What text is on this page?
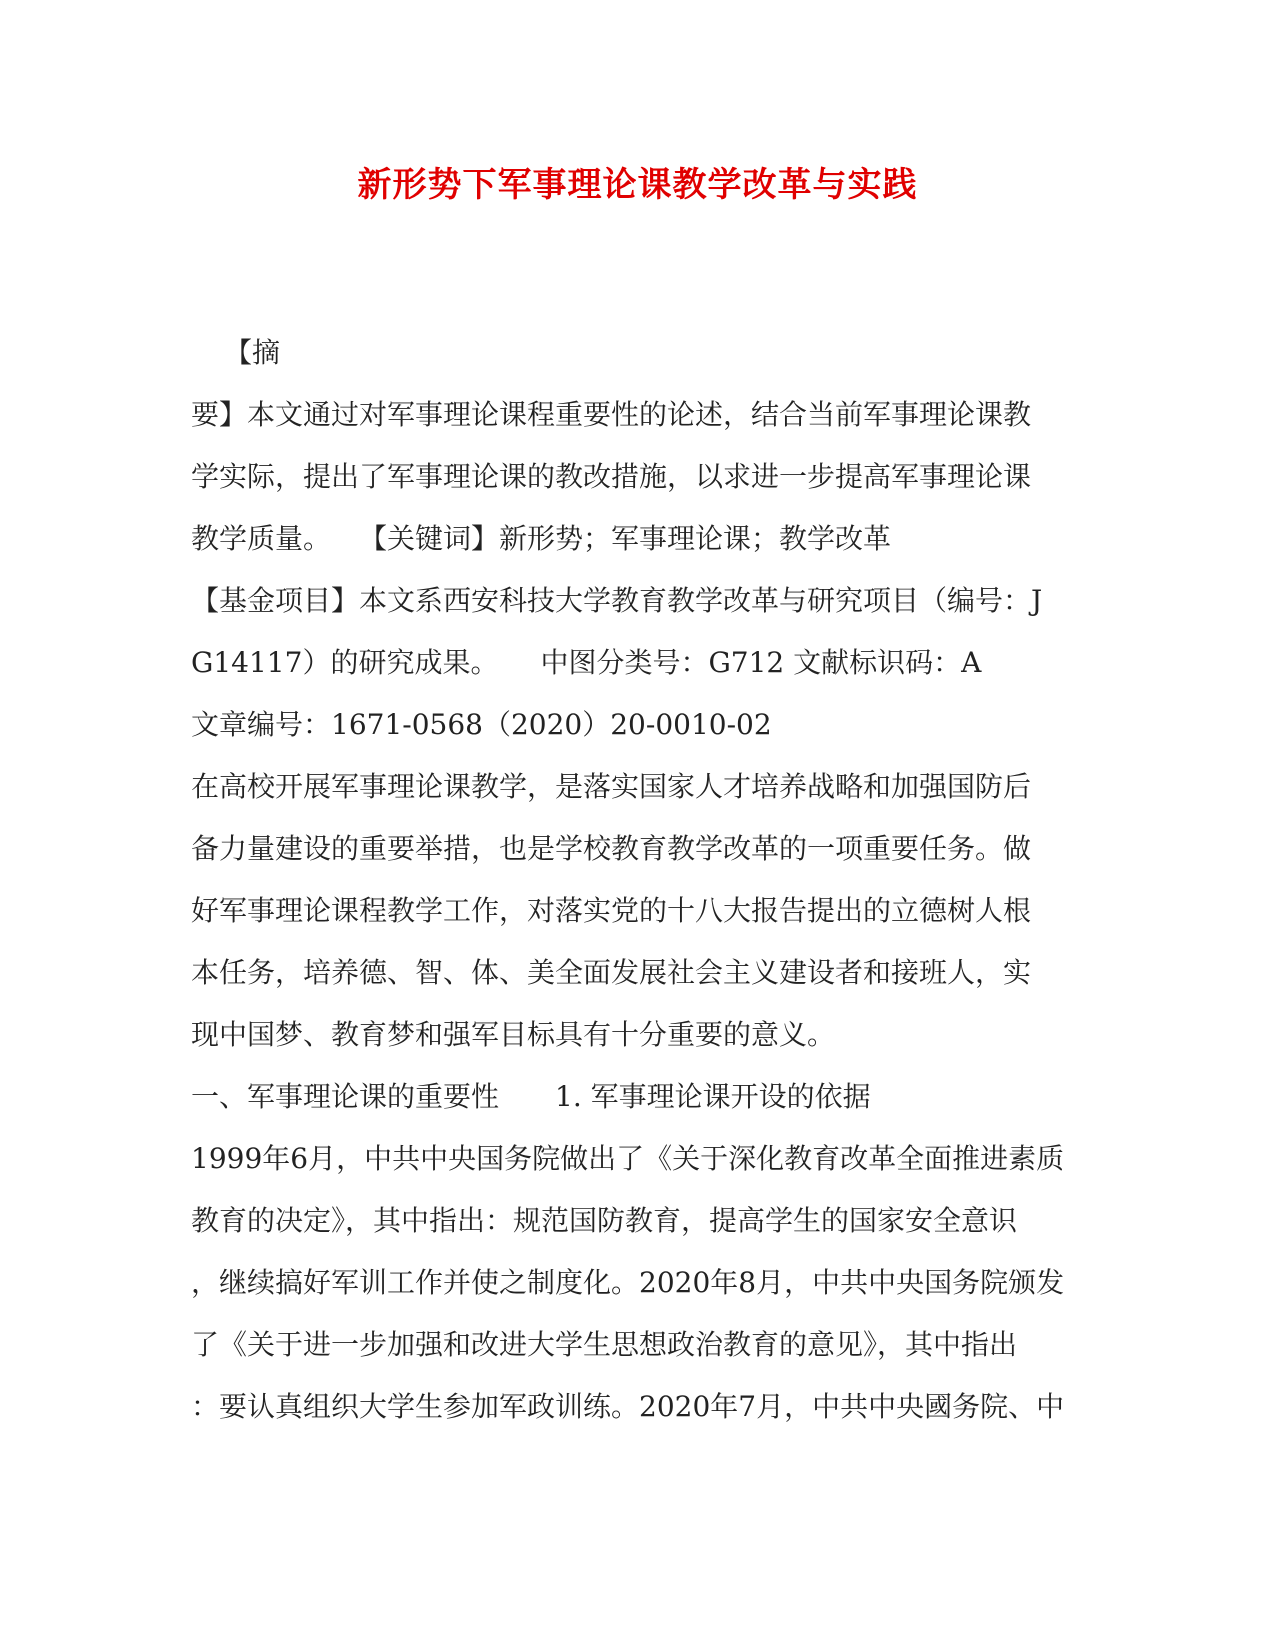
新形势下军事理论课教学改革与实践
　【摘
要】本文通过对军事理论课程重要性的论述，结合当前军事理论课教
学实际，提出了军事理论课的教改措施，以求进一步提高军事理论课
教学质量。　　【关键词】新形势；军事理论课；教学改革
【基金项目】本文系西安科技大学教育教学改革与研究项目（编号：J
G14117）的研究成果。　　中图分类号：G712 文献标识码：A
文章编号：1671-0568（2020）20-0010-02
在高校开展军事理论课教学，是落实国家人才培养战略和加强国防后
备力量建设的重要举措，也是学校教育教学改革的一项重要任务。做
好军事理论课程教学工作，对落实党的十八大报告提出的立德树人根
本任务，培养德、智、体、美全面发展社会主义建设者和接班人，实
现中国梦、教育梦和强军目标具有十分重要的意义。
一、军事理论课的重要性　　1. 军事理论课开设的依据
1999年6月，中共中央国务院做出了《关于深化教育改革全面推进素质
教育的决定》，其中指出：规范国防教育，提高学生的国家安全意识
，继续搞好军训工作并使之制度化。2020年8月，中共中央国务院颁发
了《关于进一步加强和改进大学生思想政治教育的意见》，其中指出
：要认真组织大学生参加军政训练。2020年7月，中共中央國务院、中
